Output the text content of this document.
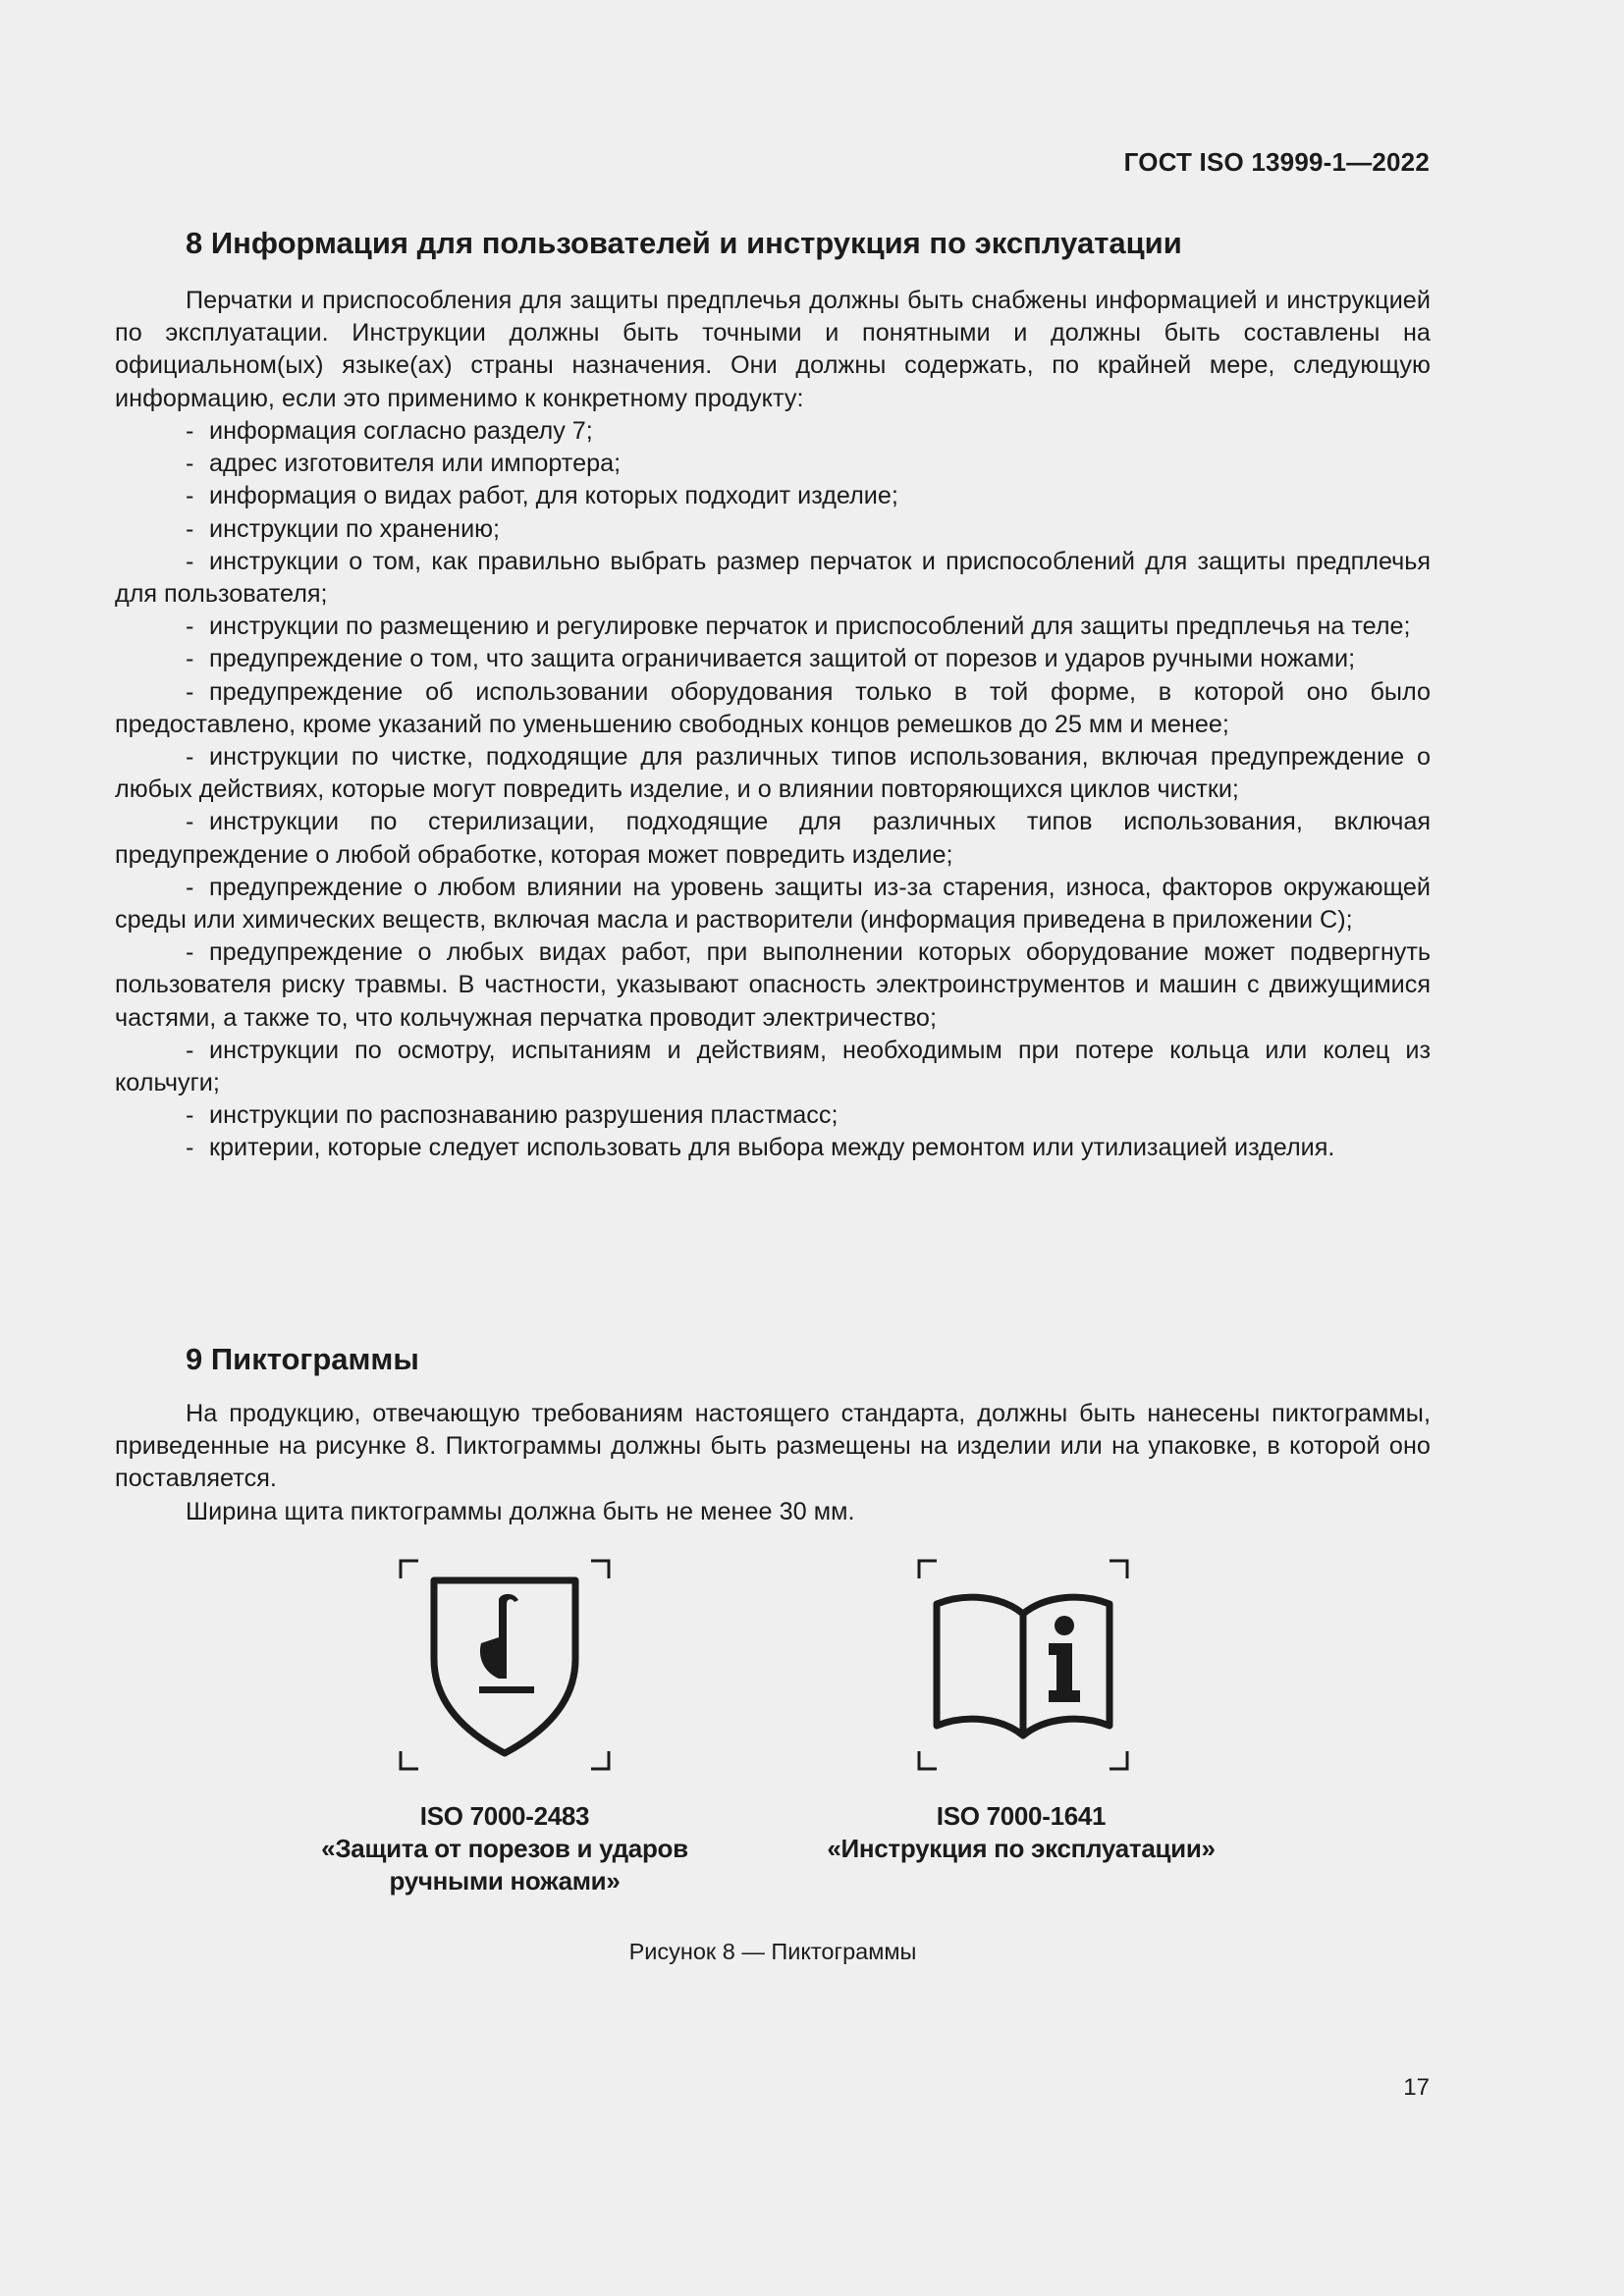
ГОСТ ISO 13999-1—2022
8 Информация для пользователей и инструкция по эксплуатации

Перчатки и приспособления для защиты предплечья должны быть снабжены информацией и инструкцией по эксплуатации. Инструкции должны быть точными и понятными и должны быть составлены на официальном(ых) языке(ах) страны назначения. Они должны содержать, по крайней мере, следующую информацию, если это применимо к конкретному продукту:

- информация согласно разделу 7;
- адрес изготовителя или импортера;
- информация о видах работ, для которых подходит изделие;
- инструкции по хранению;
- инструкции о том, как правильно выбрать размер перчаток и приспособлений для защиты предплечья для пользователя;
- инструкции по размещению и регулировке перчаток и приспособлений для защиты предплечья на теле;
- предупреждение о том, что защита ограничивается защитой от порезов и ударов ручными ножами;
- предупреждение об использовании оборудования только в той форме, в которой оно было предоставлено, кроме указаний по уменьшению свободных концов ремешков до 25 мм и менее;
- инструкции по чистке, подходящие для различных типов использования, включая предупреждение о любых действиях, которые могут повредить изделие, и о влиянии повторяющихся циклов чистки;
- инструкции по стерилизации, подходящие для различных типов использования, включая предупреждение о любой обработке, которая может повредить изделие;
- предупреждение о любом влиянии на уровень защиты из-за старения, износа, факторов окружающей среды или химических веществ, включая масла и растворители (информация приведена в приложении С);
- предупреждение о любых видах работ, при выполнении которых оборудование может подвергнуть пользователя риску травмы. В частности, указывают опасность электроинструментов и машин с движущимися частями, а также то, что кольчужная перчатка проводит электричество;
- инструкции по осмотру, испытаниям и действиям, необходимым при потере кольца или колец из кольчуги;
- инструкции по распознаванию разрушения пластмасс;
- критерии, которые следует использовать для выбора между ремонтом или утилизацией изделия.
9 Пиктограммы

На продукцию, отвечающую требованиям настоящего стандарта, должны быть нанесены пиктограммы, приведенные на рисунке 8. Пиктограммы должны быть размещены на изделии или на упаковке, в которой оно поставляется.

Ширина щита пиктограммы должна быть не менее 30 мм.

ISO 7000-2483
«Защита от порезов и ударов
ручными ножами»
ISO 7000-1641
«Инструкция по эксплуатации»
Рисунок 8 — Пиктограммы
17
